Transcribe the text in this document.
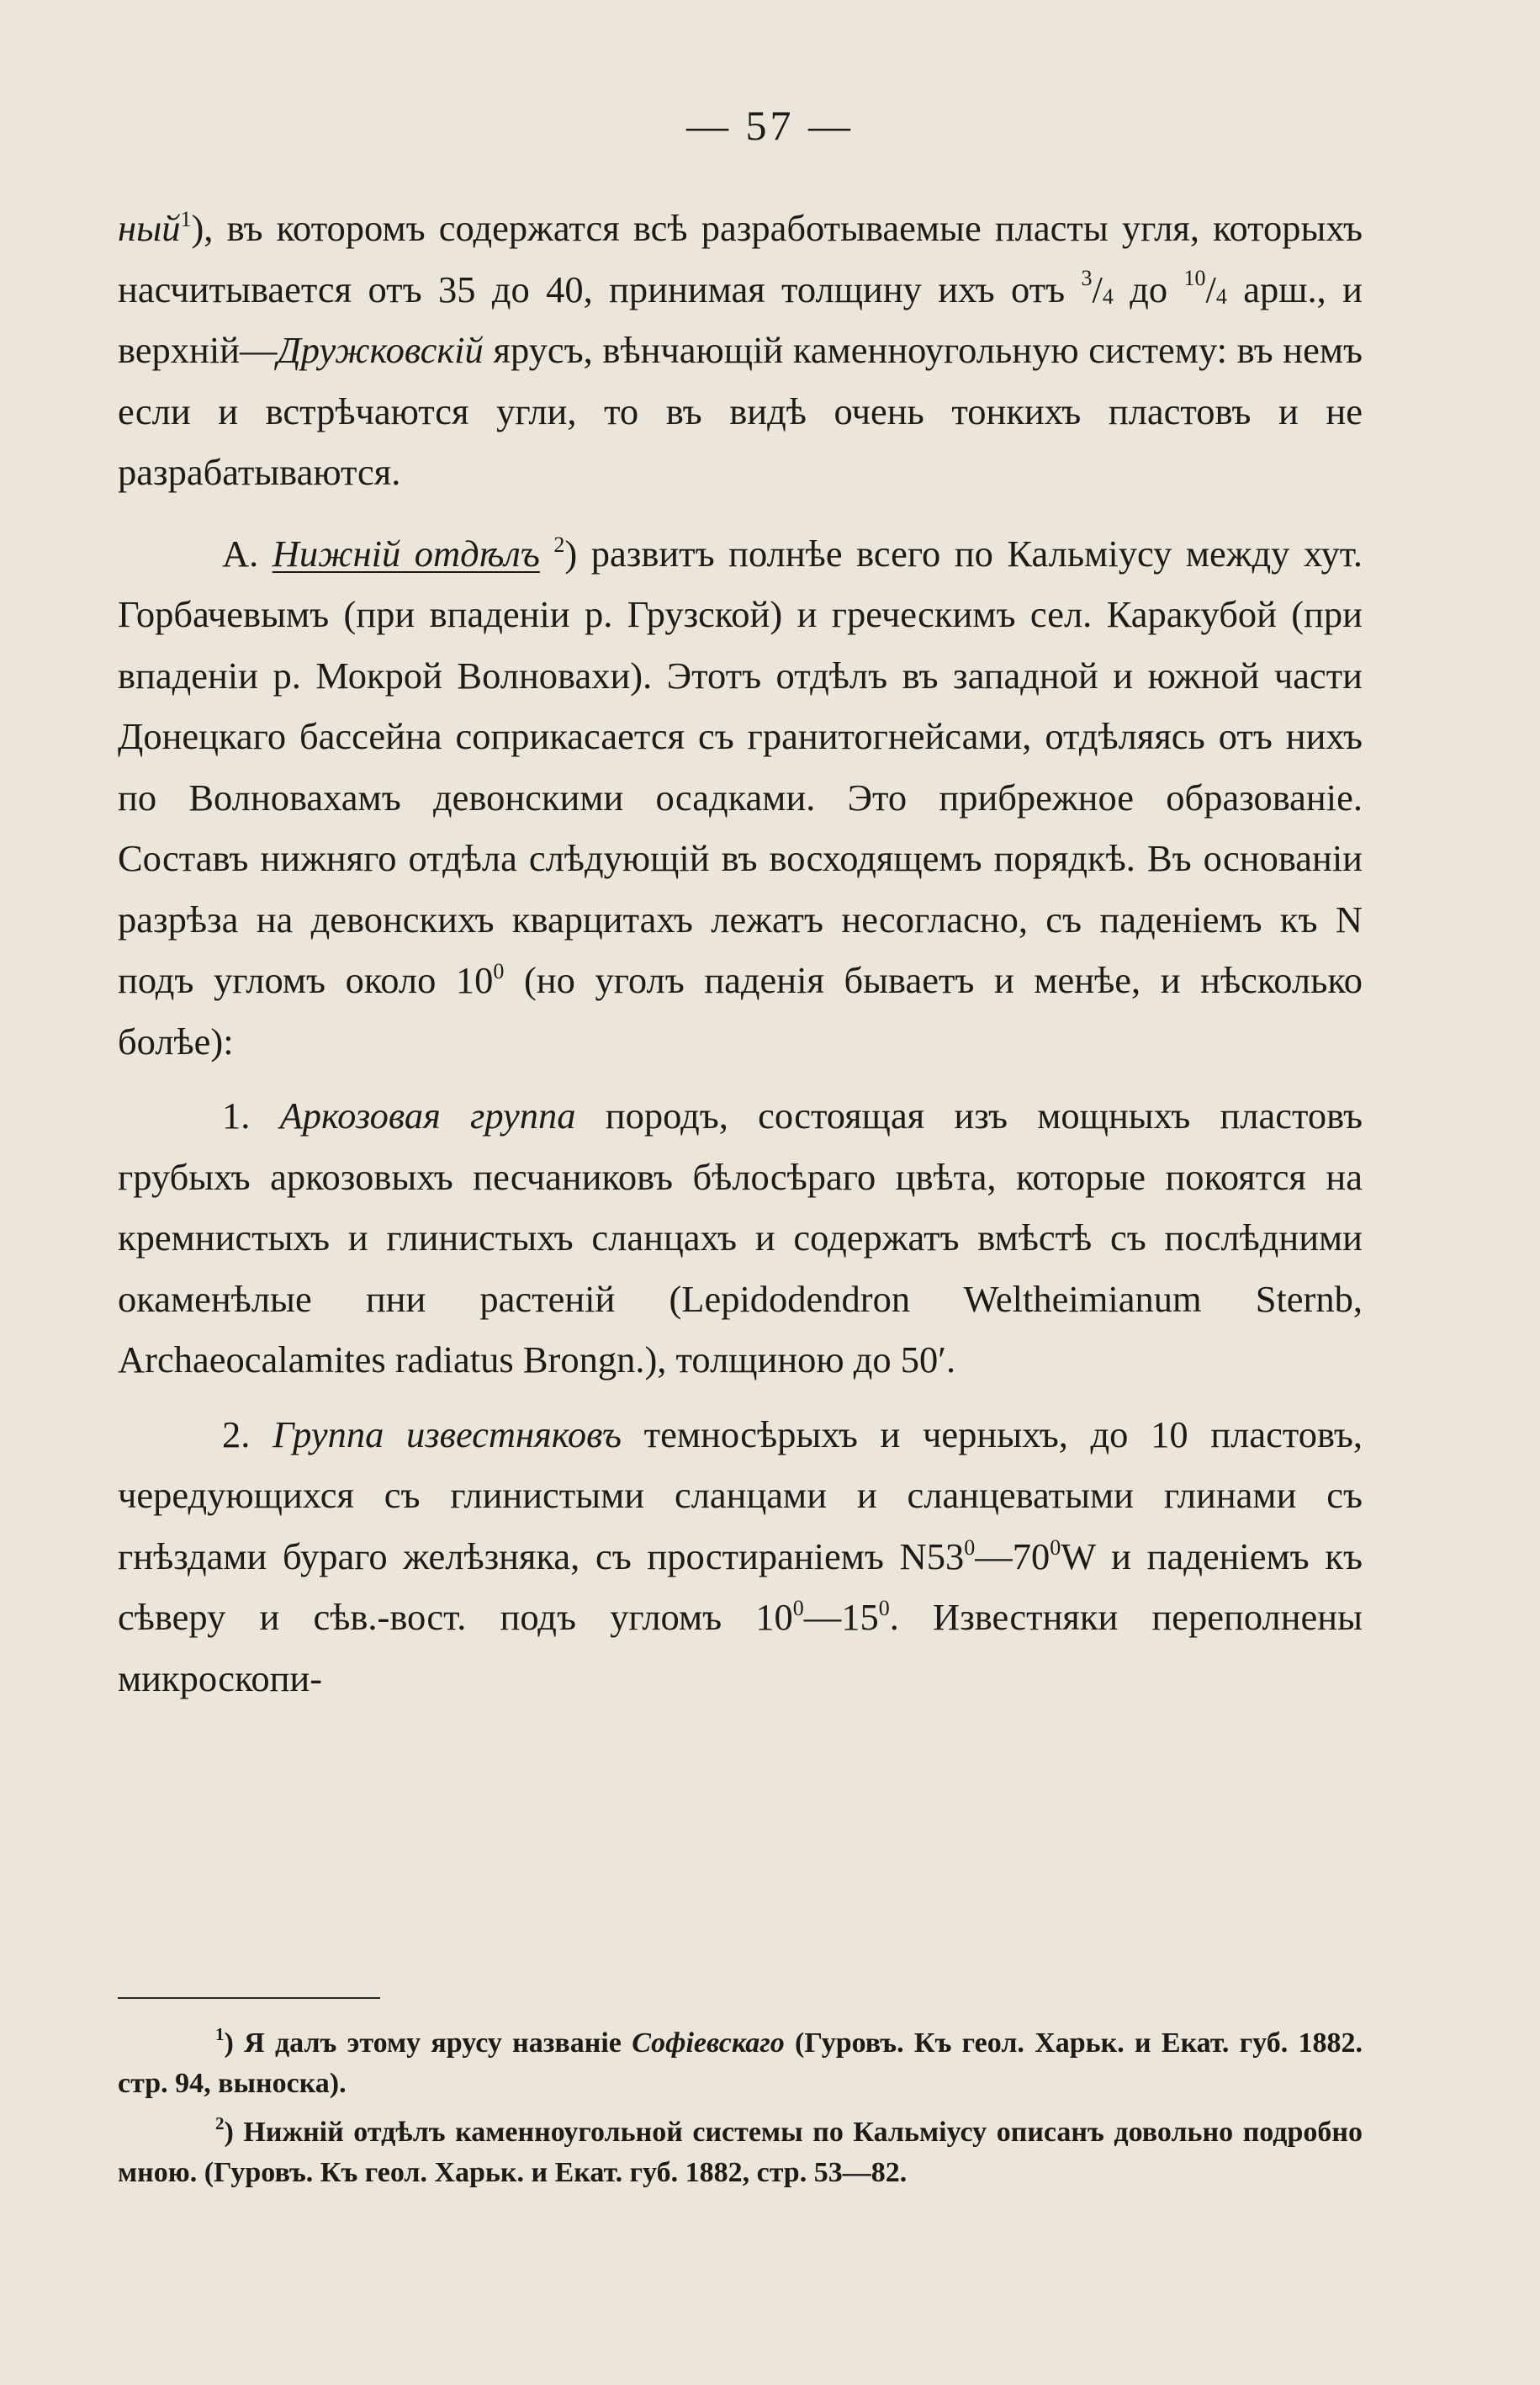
— 57 —

ный$^1$), въ которомъ содержатся всѣ разработываемые пласты угля, которыхъ насчитывается отъ 35 до 40, принимая толщину ихъ отъ $^3/_4$ до $^{10}/_4$ арш., и верхній—Дружковскій ярусъ, вѣнчающій каменноугольную систему: въ немъ если и встрѣчаются угли, то въ видѣ очень тонкихъ пластовъ и не разрабатываются.

А. Нижній отдѣлъ $^2$) развитъ полнѣе всего по Кальміусу между хут. Горбачевымъ (при впаденіи р. Грузской) и греческимъ сел. Каракубой (при впаденіи р. Мокрой Волновахи). Этотъ отдѣлъ въ западной и южной части Донецкаго бассейна соприкасается съ гранитогнейсами, отдѣляясь отъ нихъ по Волновахамъ девонскими осадками. Это прибрежное образованіе. Составъ нижняго отдѣла слѣдующій въ восходящемъ порядкѣ. Въ основаніи разрѣза на девонскихъ кварцитахъ лежатъ несогласно, съ паденіемъ къ N подъ угломъ около $10^0$ (но уголъ паденія бываетъ и менѣе, и нѣсколько болѣе):

1. Аркозовая группа породъ, состоящая изъ мощныхъ пластовъ грубыхъ аркозовыхъ песчаниковъ бѣлосѣраго цвѣта, которые покоятся на кремнистыхъ и глинистыхъ сланцахъ и содержатъ вмѣстѣ съ послѣдними окаменѣлые пни растеній (Lepidodendron Weltheimianum Sternb, Archaeocalamites radiatus Brongn.), толщиною до 50′.

2. Группа известняковъ темносѣрыхъ и черныхъ, до 10 пластовъ, чередующихся съ глинистыми сланцами и сланцеватыми глинами съ гнѣздами бураго желѣзняка, съ простираніемъ $N53^0—70^0W$ и паденіемъ къ сѣверу и сѣв.-вост. подъ угломъ $10^0—15^0$. Известняки переполнены микроскопи-

$^1$) Я далъ этому ярусу названіе Софіевскаго (Гуровъ. Къ геол. Харьк. и Екат. губ. 1882. стр. 94, выноска).

$^2$) Нижній отдѣлъ каменноугольной системы по Кальміусу описанъ довольно подробно мною. (Гуровъ. Къ геол. Харьк. и Екат. губ. 1882, стр. 53—82.
